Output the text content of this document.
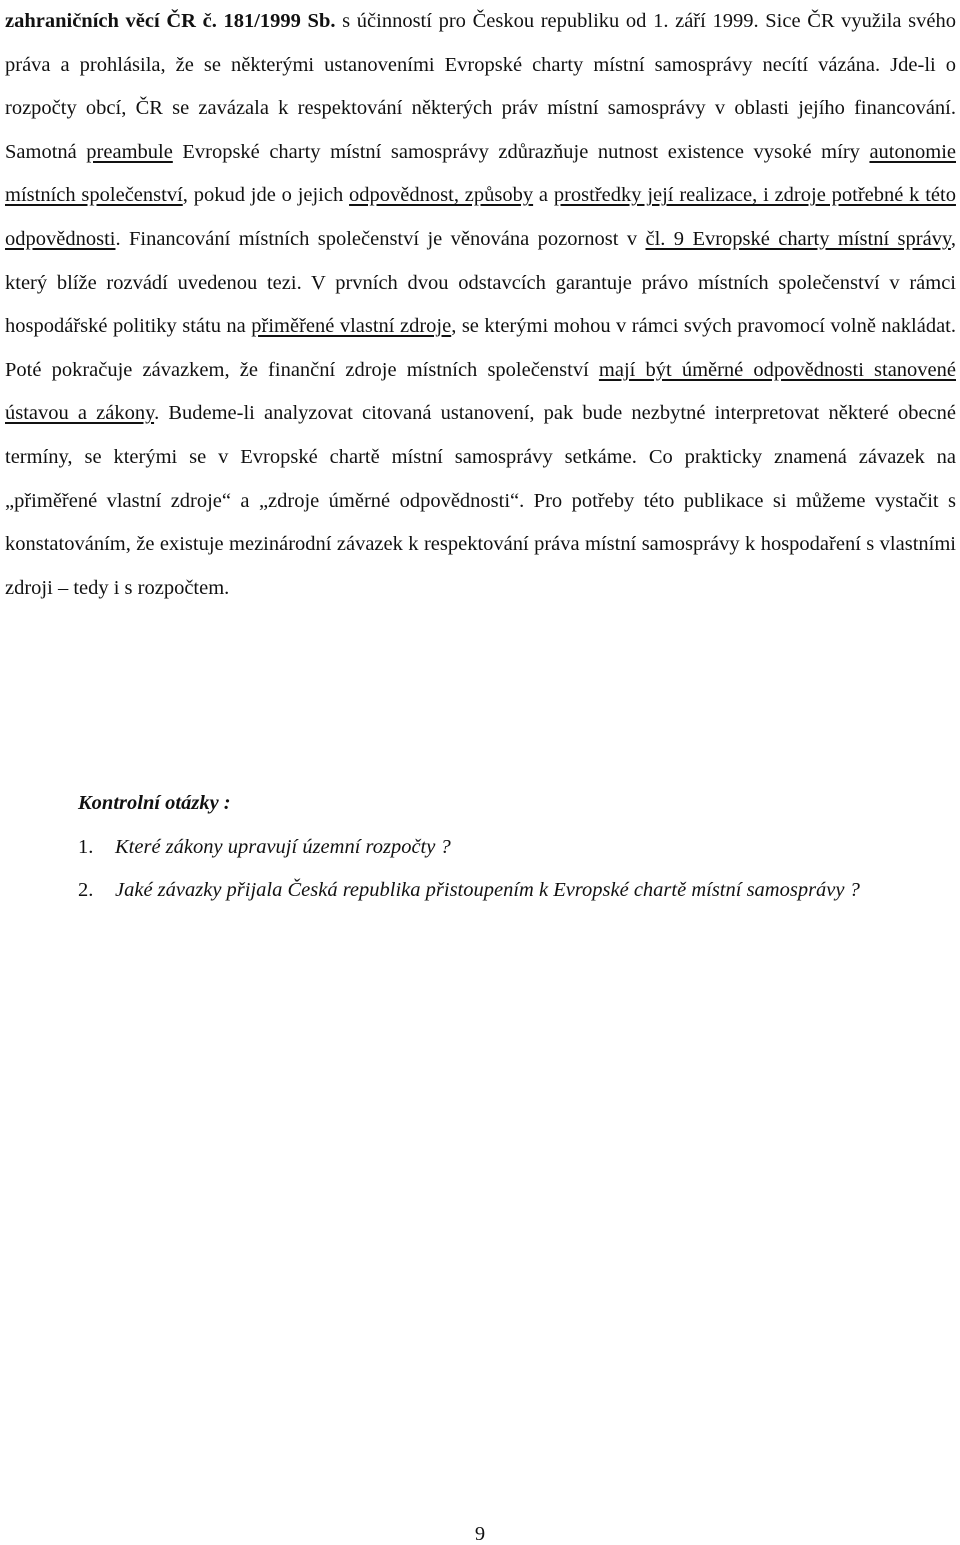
zahraničních věcí ČR č. 181/1999 Sb. s účinností pro Českou republiku od 1. září 1999. Sice ČR využila svého práva a prohlásila, že se některými ustanoveními Evropské charty místní samosprávy necítí vázána. Jde-li o rozpočty obcí, ČR se zavázala k respektování některých práv místní samosprávy v oblasti jejího financování. Samotná preambule Evropské charty místní samosprávy zdůrazňuje nutnost existence vysoké míry autonomie místních společenství, pokud jde o jejich odpovědnost, způsoby a prostředky její realizace, i zdroje potřebné k této odpovědnosti. Financování místních společenství je věnována pozornost v čl. 9 Evropské charty místní správy, který blíže rozvádí uvedenou tezi. V prvních dvou odstavcích garantuje právo místních společenství v rámci hospodářské politiky státu na přiměřené vlastní zdroje, se kterými mohou v rámci svých pravomocí volně nakládat. Poté pokračuje závazkem, že finanční zdroje místních společenství mají být úměrné odpovědnosti stanovené ústavou a zákony. Budeme-li analyzovat citovaná ustanovení, pak bude nezbytné interpretovat některé obecné termíny, se kterými se v Evropské chartě místní samosprávy setkáme. Co prakticky znamená závazek na „přiměřené vlastní zdroje“ a „zdroje úměrné odpovědnosti“. Pro potřeby této publikace si můžeme vystačit s konstatováním, že existuje mezinárodní závazek k respektování práva místní samosprávy k hospodaření s vlastními zdroji – tedy i s rozpočtem.

Kontrolní otázky :

1. Které zákony upravují územní rozpočty ?
2. Jaké závazky přijala Česká republika přistoupením k Evropské chartě místní samosprávy ?
9
